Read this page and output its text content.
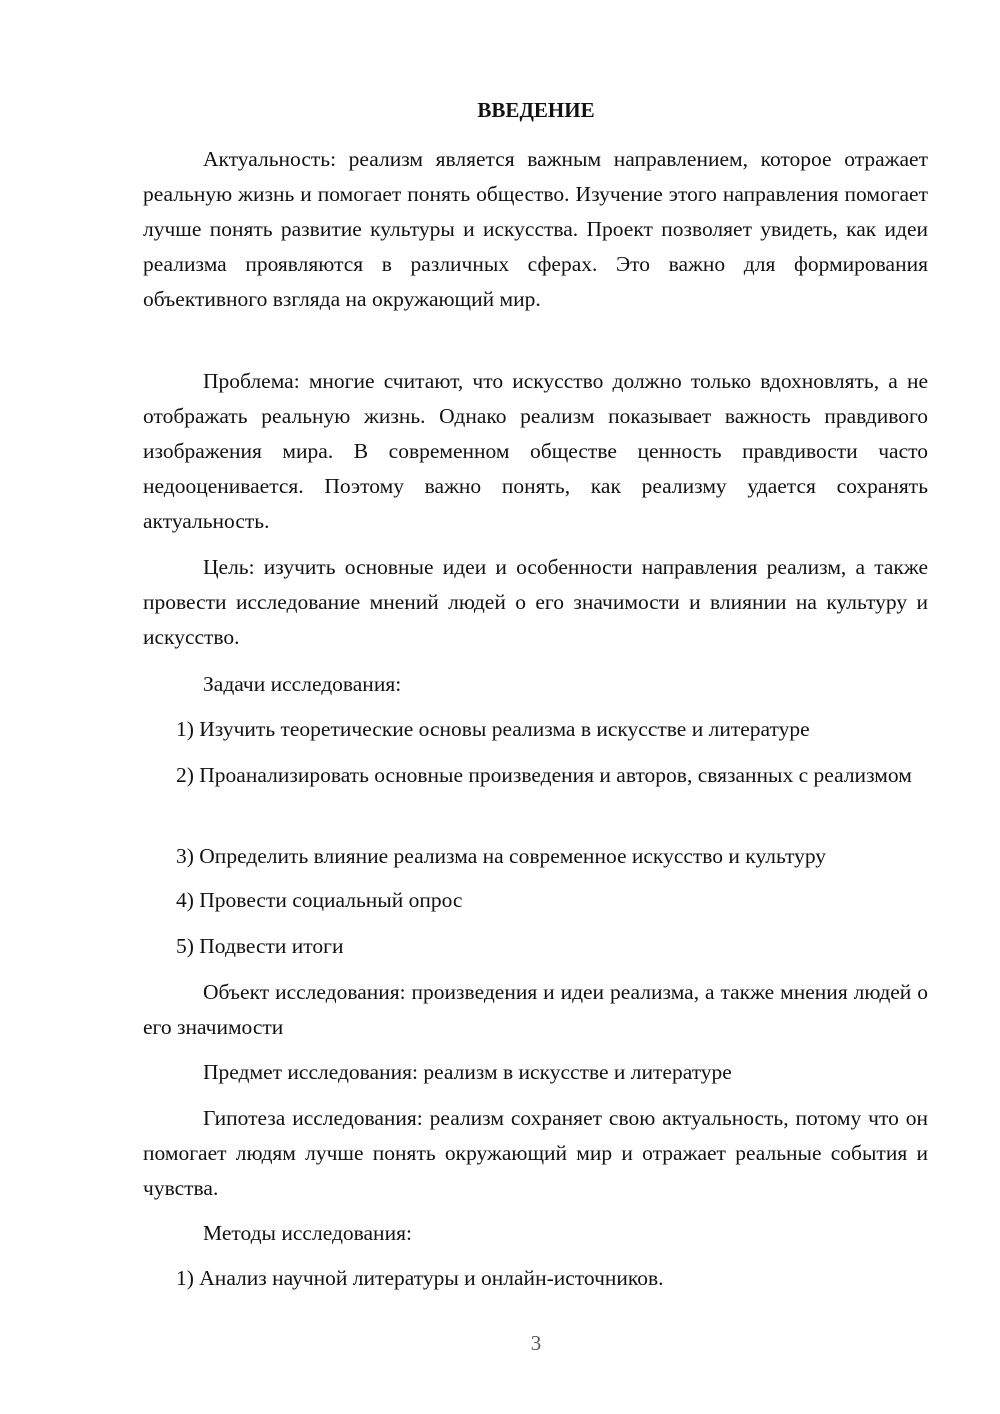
ВВЕДЕНИЕ

Актуальность: реализм является важным направлением, которое отражает реальную жизнь и помогает понять общество. Изучение этого направления помогает лучше понять развитие культуры и искусства. Проект позволяет увидеть, как идеи реализма проявляются в различных сферах. Это важно для формирования объективного взгляда на окружающий мир.

Проблема: многие считают, что искусство должно только вдохновлять, а не отображать реальную жизнь. Однако реализм показывает важность правдивого изображения мира. В современном обществе ценность правдивости часто недооценивается. Поэтому важно понять, как реализму удается сохранять актуальность.

Цель: изучить основные идеи и особенности направления реализм, а также провести исследование мнений людей о его значимости и влиянии на культуру и искусство.

Задачи исследования:

1) Изучить теоретические основы реализма в искусстве и литературе

2) Проанализировать основные произведения и авторов, связанных с реализмом

3) Определить влияние реализма на современное искусство и культуру

4) Провести социальный опрос

5) Подвести итоги

Объект исследования: произведения и идеи реализма, а также мнения людей о его значимости

Предмет исследования: реализм в искусстве и литературе

Гипотеза исследования: реализм сохраняет свою актуальность, потому что он помогает людям лучше понять окружающий мир и отражает реальные события и чувства.

Методы исследования:

1) Анализ научной литературы и онлайн-источников.

3
